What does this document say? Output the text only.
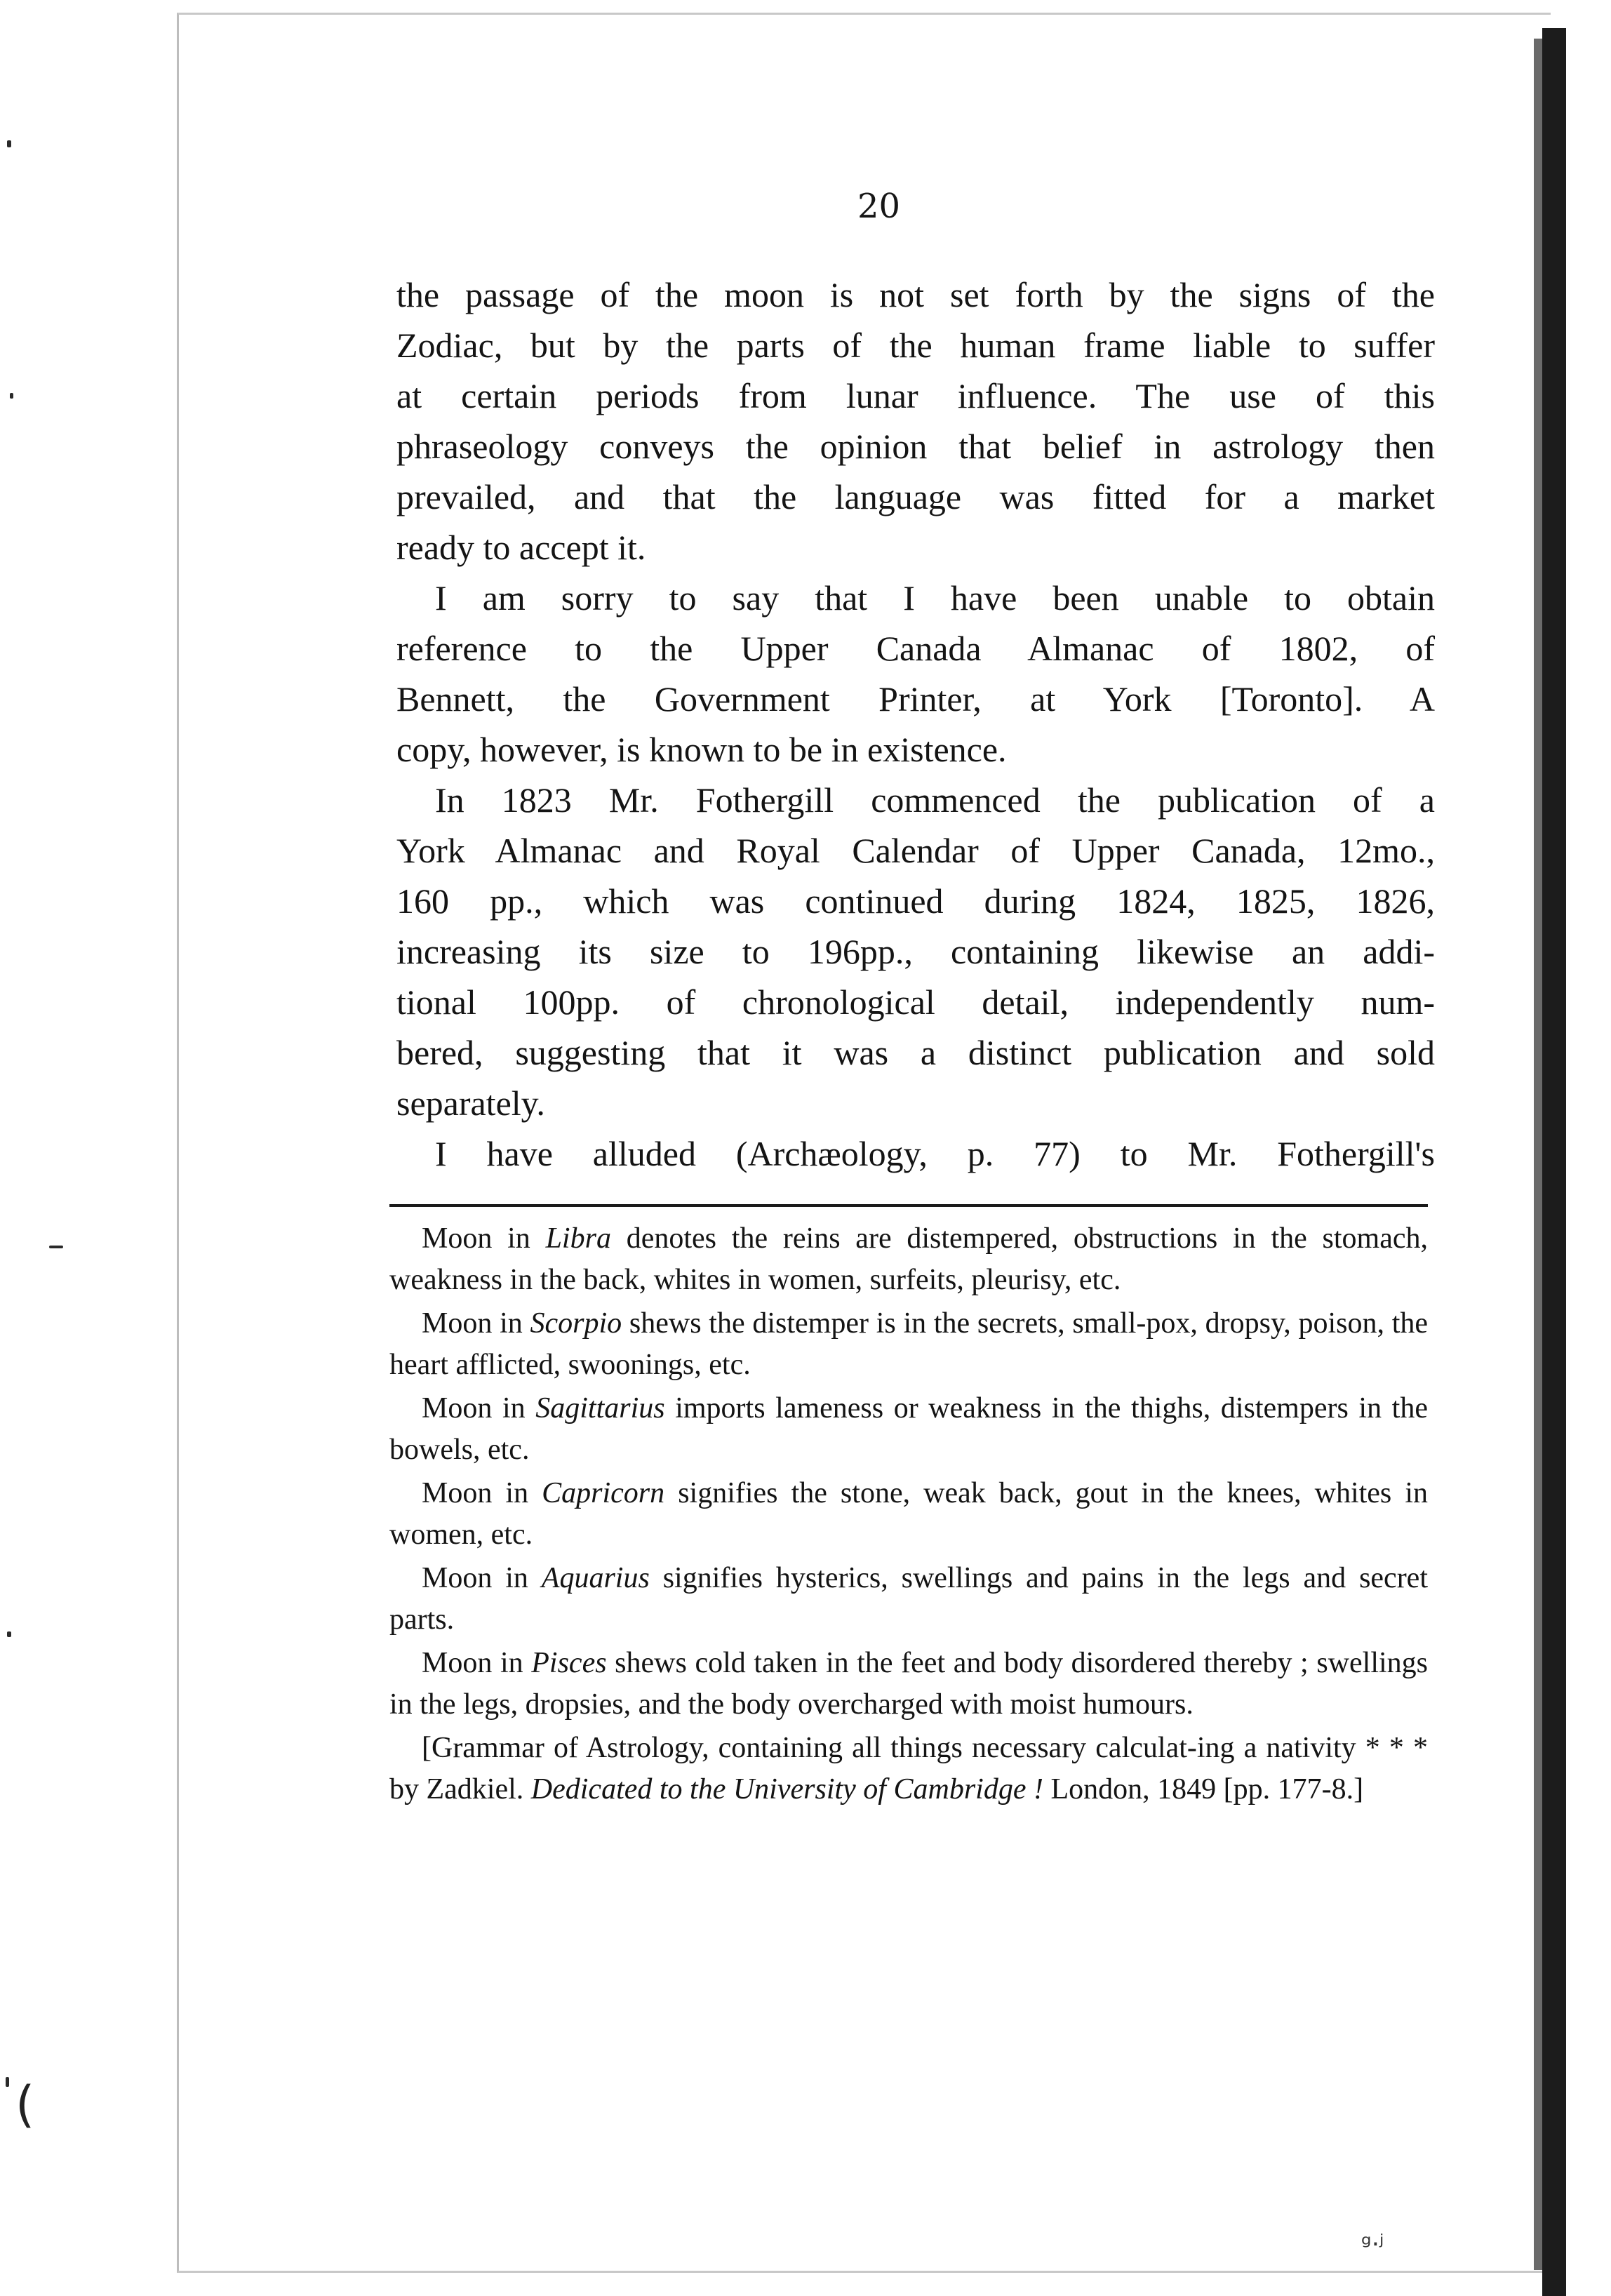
20

the passage of the moon is not set forth by the signs of the

Zodiac, but by the parts of the human frame liable to suffer

at certain periods from lunar influence. The use of this

phraseology conveys the opinion that belief in astrology then

prevailed, and that the language was fitted for a market

ready to accept it.

I am sorry to say that I have been unable to obtain

reference to the Upper Canada Almanac of 1802, of

Bennett, the Government Printer, at York [Toronto]. A

copy, however, is known to be in existence.

In 1823 Mr. Fothergill commenced the publication of a

York Almanac and Royal Calendar of Upper Canada, 12mo.,

160 pp., which was continued during 1824, 1825, 1826,

increasing its size to 196pp., containing likewise an addi-

tional 100pp. of chronological detail, independently num-

bered, suggesting that it was a distinct publication and sold

separately.

I have alluded (Archæology, p. 77) to Mr. Fothergill's

Moon in Libra denotes the reins are distempered, obstructions in the stomach, weakness in the back, whites in women, surfeits, pleurisy, etc.

Moon in Scorpio shews the distemper is in the secrets, small-pox, dropsy, poison, the heart afflicted, swoonings, etc.

Moon in Sagittarius imports lameness or weakness in the thighs, distempers in the bowels, etc.

Moon in Capricorn signifies the stone, weak back, gout in the knees, whites in women, etc.

Moon in Aquarius signifies hysterics, swellings and pains in the legs and secret parts.

Moon in Pisces shews cold taken in the feet and body disordered thereby ; swellings in the legs, dropsies, and the body overcharged with moist humours.

[Grammar of Astrology, containing all things necessary calculat-ing a nativity * * * by Zadkiel. Dedicated to the University of Cambridge ! London, 1849 [pp. 177-8.]

(
ᵍ·ʲ
